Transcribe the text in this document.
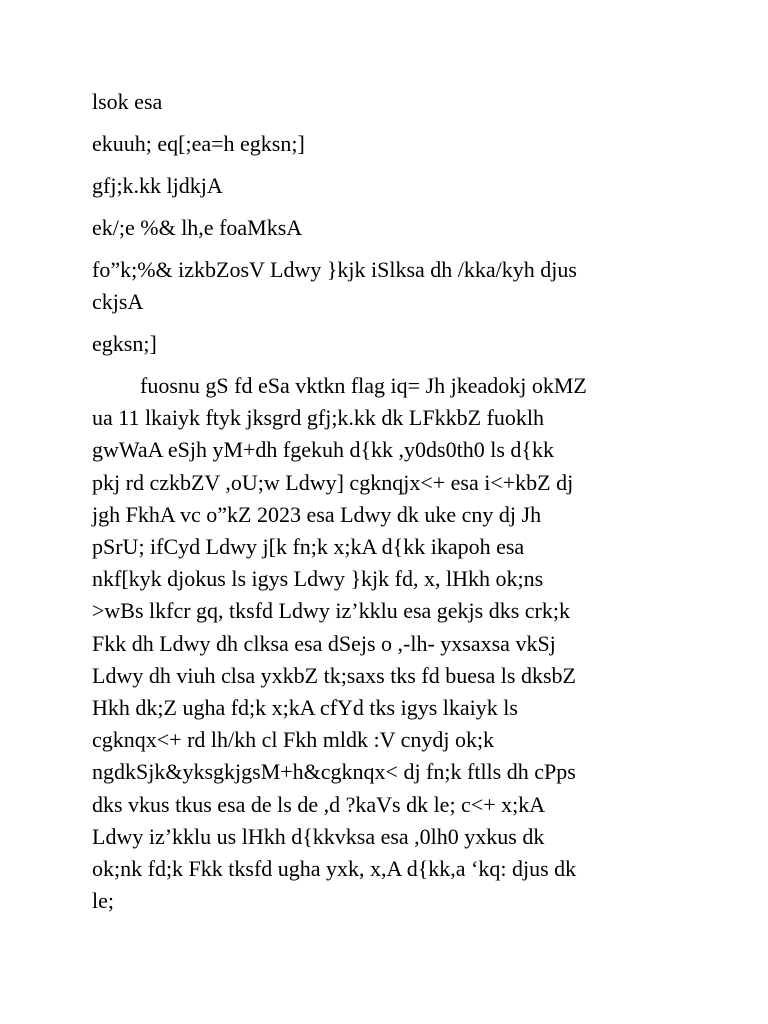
lsok esa
ekuuh; eq[;ea=h egksn;]
gfj;k.kk ljdkjA
ek/;e %& lh,e foaMksA
fo”k;%& izkbZosV Ldwy }kjk iSlksa dh /kka/kyh djus
ckjsA
egksn;]
fuosnu gS fd eSa vktkn flag iq= Jh jkeadokj okMZ
ua 11 lkaiyk ftyk jksgrd gfj;k.kk dk LFkkbZ fuoklh
gwWaA eSjh yM+dh fgekuh d{kk ,y0ds0th0 ls d{kk
pkj rd czkbZV ,oU;w Ldwy] cgknqjx<+ esa i<+kbZ dj
jgh FkhA vc o”kZ 2023 esa Ldwy dk uke cny dj Jh
pSrU; ifCyd Ldwy j[k fn;k x;kA d{kk ikapoh esa
nkf[kyk djokus ls igys Ldwy }kjk fd, x, lHkh ok;ns
>wBs lkfcr gq, tksfd Ldwy iz’kklu esa gekjs dks crk;k
Fkk dh Ldwy dh clksa esa dSejs o ,-lh- yxsaxsa vkSj
Ldwy dh viuh clsa yxkbZ tk;saxs tks fd buesa ls dksbZ
Hkh dk;Z ugha fd;k x;kA cfYd tks igys lkaiyk ls
cgknqx<+ rd lh/kh cl Fkh mldk :V cnydj ok;k
ngdkSjk&yksgkjgsM+h&cgknqx< dj fn;k ftlls dh cPps
dks vkus tkus esa de ls de ,d ?kaVs dk le; c<+ x;kA
Ldwy iz’kklu us lHkh d{kkvksa esa ,0lh0 yxkus dk
ok;nk fd;k Fkk tksfd ugha yxk, x,A d{kk,a ‘kq: djus dk
le;
